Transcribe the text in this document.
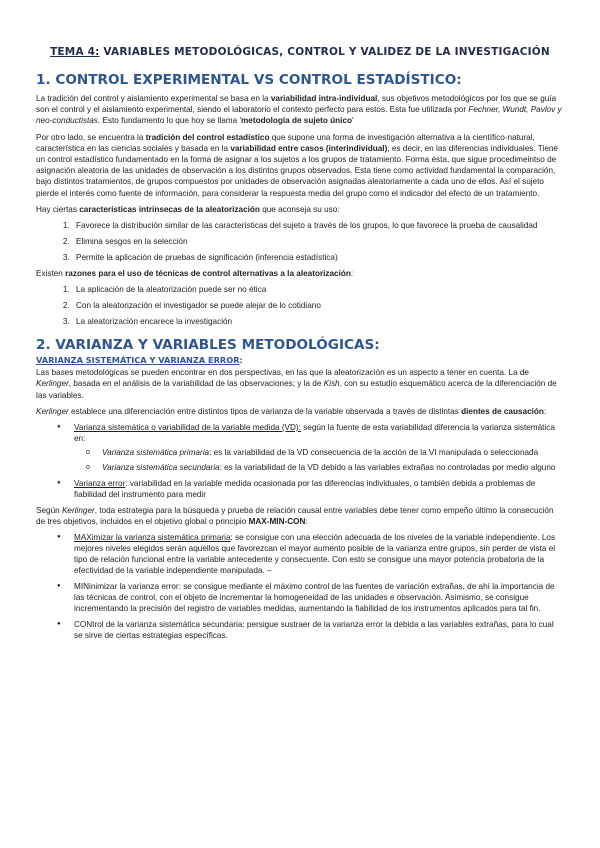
TEMA 4: VARIABLES METODOLÓGICAS, CONTROL Y VALIDEZ DE LA INVESTIGACIÓN
1. CONTROL EXPERIMENTAL VS CONTROL ESTADÍSTICO:

La tradición del control y aislamiento experimental se basa en la variabilidad intra-individual, sus objetivos metodológicos por los que se guía son el control y el aislamiento experimental, siendo el laboratorio el contexto perfecto para estos. Esta fue utilizada por Fechner, Wundt, Pavlov y neo-conductistas. Esto fundamento lo que hoy se llama 'metodología de sujeto único'

Por otro lado, se encuentra la tradición del control estadístico que supone una forma de investigación alternativa a la científico-natural, característica en las ciencias sociales y basada en la variabilidad entre casos (interindividual), es decir, en las diferencias individuales. Tiene un control estadístico fundamentado en la forma de asignar a los sujetos a los grupos de tratamiento. Forma ésta, que sigue procedimeintso de asignación aleatoria de las unidades de observación a los distintos grupos observados. Esta tiene como actividad fundamental la comparación, bajo distintos tratamientos, de grupos compuestos por unidades de observación asignadas aleatoriamente a cada uno de ellos. Así el sujeto pierde el interés como fuente de información, para considerar la respuesta media del grupo como el indicador del efecto de un tratamiento.

Hay ciertas características intrínsecas de la aleatorización que aconseja su uso:

1. Favorece la distribución similar de las características del sujeto a través de los grupos, lo que favorece la prueba de causalidad
2. Elimina sesgos en la selección
3. Permite la aplicación de pruebas de significación (inferencia estadística)

Existen razones para el uso de técnicas de control alternativas a la aleatorización:

1. La aplicación de la aleatorización puede ser no ética
2. Con la aleatorización el investigador se puede alejar de lo cotidiano
3. La aleatorización encarece la investigación
2. VARIANZA Y VARIABLES METODOLÓGICAS:
VARIANZA SISTEMÁTICA Y VARIANZA ERROR:

Las bases metodológicas se pueden encontrar en dos perspectivas, en las que la aleatorización es un aspecto a tener en cuenta. La de Kerlinger, basada en el análisis de la variabilidad de las observaciones; y la de Kish, con su estudio esquemático acerca de la diferenciación de las variables.

Kerlinger establece una diferenciación entre distintos tipos de varianza de la variable observada a través de distintas dientes de causación:

● Varianza sistemática o variabilidad de la variable medida (VD): según la fuente de esta variabilidad diferencia la varianza sistemática en:
o Varianza sistemática primaria: es la variabilidad de la VD consecuencia de la acción de la VI manipulada o seleccionada
o Varianza sistemática secundaria: es la variabilidad de la VD debido a las variables extrañas no controladas por medio alguno
● Varianza error: variabilidad en la variable medida ocasionada por las diferencias individuales, o también debida a problemas de fiabilidad del instrumento para medir

Según Kerlinger, toda estrategia para la búsqueda y prueba de relación causal entre variables debe tener como empeño último la consecución de tres objetivos, incluidos en el objetivo global o principio MAX-MIN-CON:

● MAXimizar la varianza sistemática primaria: se consigue con una elección adecuada de los niveles de la variable independiente. Los mejores niveles elegidos serán aquellos que favorezcan el mayor aumento posible de la varianza entre grupos, sin perder de vista el tipo de relación funcional entre la variable antecedente y consecuente. Con esto se consigue una mayor potencia probatoria de la efectividad de la variable independiente manipulada. –
● MINinimizar la varianza error: se consigue mediante el máximo control de las fuentes de variación extrañas, de ahí la importancia de las técnicas de control, con el objeto de incrementar la homogeneidad de las unidades e observación. Asimismo, se consigue incrementando la precisión del registro de variables medidas, aumentando la fiabilidad de los instrumentos aplicados para tal fin.
● CONtrol de la varianza sistemática secundaria: persigue sustraer de la varianza error la debida a las variables extrañas, para lo cual se sirve de ciertas estrategias específicas.
